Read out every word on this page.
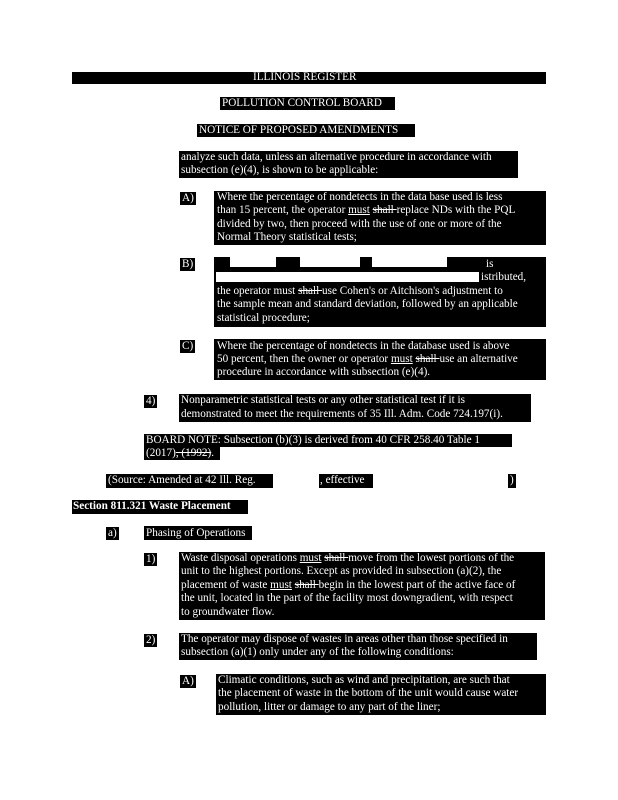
ILLINOIS REGISTER
POLLUTION CONTROL BOARD
NOTICE OF PROPOSED AMENDMENTS
analyze such data, unless an alternative procedure in accordance with
subsection (e)(4), is shown to be applicable:
A) Where the percentage of nondetects in the data base used is less
than 15 percent, the operator must shall replace NDs with the PQL
divided by two, then proceed with the use of one or more of the
Normal Theory statistical tests;
B)	is
istributed,
the operator must shall use Cohen's or Aitchison's adjustment to
the sample mean and standard deviation, followed by an applicable
statistical procedure;
C) Where the percentage of nondetects in the database used is above
50 percent, then the owner or operator must shall use an alternative
procedure in accordance with subsection (e)(4).
4) Nonparametric statistical tests or any other statistical test if it is
demonstrated to meet the requirements of 35 Ill. Adm. Code 724.197(i).
BOARD NOTE: Subsection (b)(3) is derived from 40 CFR 258.40 Table 1
(2017), (1992).
(Source: Amended at 42 Ill. Reg.	, effective	)
Section 811.321 Waste Placement
a)	Phasing of Operations
1) Waste disposal operations must shall move from the lowest portions of the
unit to the highest portions. Except as provided in subsection (a)(2), the
placement of waste must shall begin in the lowest part of the active face of
the unit, located in the part of the facility most downgradient, with respect
to groundwater flow.
2) The operator may dispose of wastes in areas other than those specified in
subsection (a)(1) only under any of the following conditions:
A) Climatic conditions, such as wind and precipitation, are such that
the placement of waste in the bottom of the unit would cause water
pollution, litter or damage to any part of the liner;
